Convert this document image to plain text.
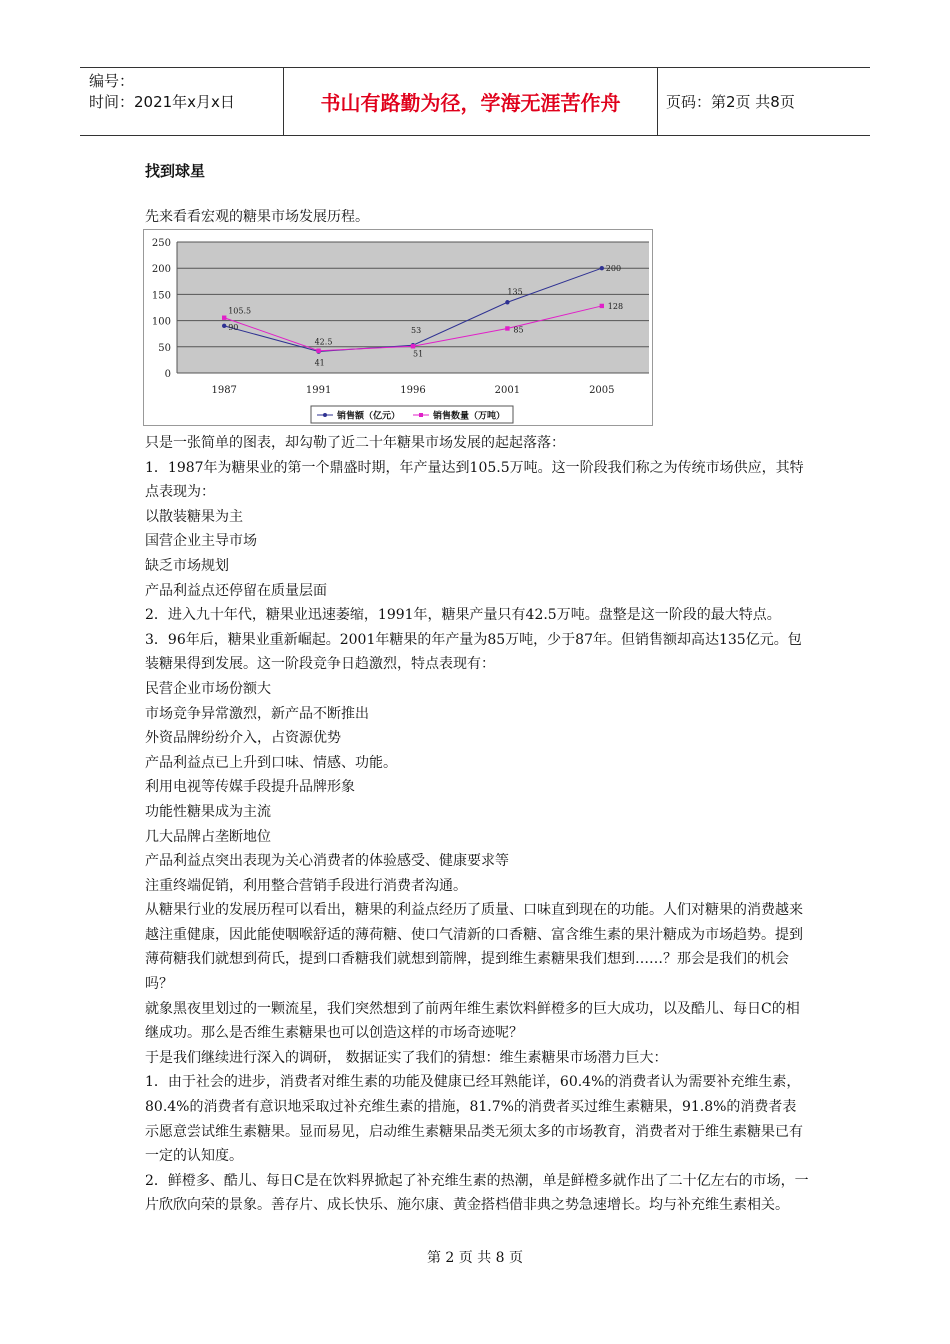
编号：
时间：2021年x月x日	书山有路勤为径，学海无涯苦作舟	页码：第2页 共8页
找到球星
先来看看宏观的糖果市场发展历程。
0
50
100
150
200
250
1987	1991	1996	2001	2005
90
41
53
135
200
105.5
42.5
51
85
128
销售额（亿元）	销售数量（万吨）

只是一张简单的图表，却勾勒了近二十年糖果市场发展的起起落落：

1．1987年为糖果业的第一个鼎盛时期，年产量达到105.5万吨。这一阶段我们称之为传统市场供应，其特点表现为：

以散装糖果为主

国营企业主导市场

缺乏市场规划

产品利益点还停留在质量层面

2．进入九十年代，糖果业迅速萎缩，1991年，糖果产量只有42.5万吨。盘整是这一阶段的最大特点。

3．96年后，糖果业重新崛起。2001年糖果的年产量为85万吨，少于87年。但销售额却高达135亿元。包装糖果得到发展。这一阶段竞争日趋激烈，特点表现有：

民营企业市场份额大

市场竞争异常激烈，新产品不断推出

外资品牌纷纷介入，占资源优势

产品利益点已上升到口味、情感、功能。

利用电视等传媒手段提升品牌形象

功能性糖果成为主流

几大品牌占垄断地位

产品利益点突出表现为关心消费者的体验感受、健康要求等

注重终端促销，利用整合营销手段进行消费者沟通。

从糖果行业的发展历程可以看出，糖果的利益点经历了质量、口味直到现在的功能。人们对糖果的消费越来越注重健康，因此能使咽喉舒适的薄荷糖、使口气清新的口香糖、富含维生素的果汁糖成为市场趋势。提到薄荷糖我们就想到荷氏，提到口香糖我们就想到箭牌，提到维生素糖果我们想到……？那会是我们的机会吗？

就象黑夜里划过的一颗流星，我们突然想到了前两年维生素饮料鲜橙多的巨大成功，以及酷儿、每日C的相继成功。那么是否维生素糖果也可以创造这样的市场奇迹呢？

于是我们继续进行深入的调研， 数据证实了我们的猜想：维生素糖果市场潜力巨大：

1．由于社会的进步，消费者对维生素的功能及健康已经耳熟能详，60.4%的消费者认为需要补充维生素，80.4%的消费者有意识地采取过补充维生素的措施，81.7%的消费者买过维生素糖果，91.8%的消费者表示愿意尝试维生素糖果。显而易见，启动维生素糖果品类无须太多的市场教育，消费者对于维生素糖果已有一定的认知度。

2．鲜橙多、酷儿、每日C是在饮料界掀起了补充维生素的热潮，单是鲜橙多就作出了二十亿左右的市场，一片欣欣向荣的景象。善存片、成长快乐、施尔康、黄金搭档借非典之势急速增长。均与补充维生素相关。

第 2 页 共 8 页
